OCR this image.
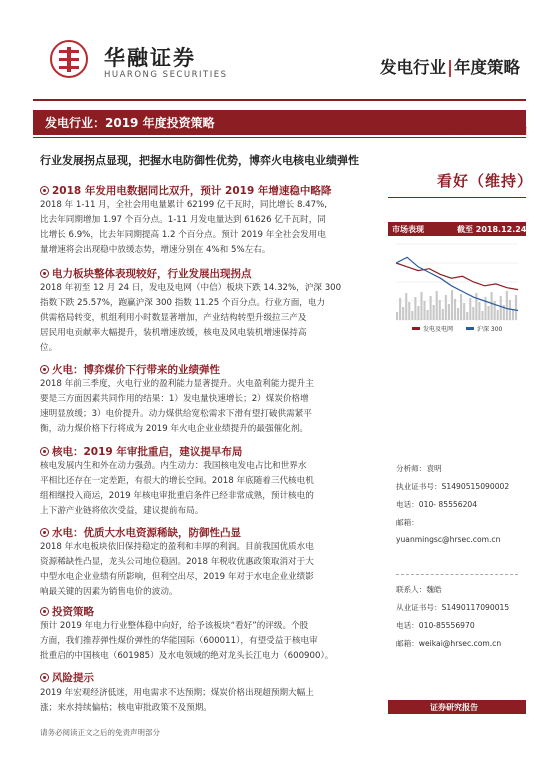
华融证券
HUARONG SECURITIES	发电行业|年度策略
发电行业：2019 年度投资策略
2018 年 12 月 24 日
行业发展拐点显现，把握水电防御性优势，博弈火电核电业绩弹性
2018 年发用电数据同比双升，预计 2019 年增速稳中略降
2018 年 1-11 月，全社会用电量累计 62199 亿千瓦时，同比增长 8.47%,
比去年同期增加 1.97 个百分点。1-11 月发电量达到 61626 亿千瓦时，同
比增长 6.9%，比去年同期提高 1.2 个百分点。预计 2019 年全社会发用电
量增速将会出现稳中放缓态势，增速分别在 4%和 5%左右。
电力板块整体表现较好，行业发展出现拐点
2018 年初至 12 月 24 日，发电及电网（中信）板块下跌 14.32%，沪深 300
指数下跌 25.57%，跑赢沪深 300 指数 11.25 个百分点。行业方面，电力
供需格局转变，机组利用小时数显著增加，产业结构转型升级拉三产及
居民用电贡献率大幅提升，装机增速放缓，核电及风电装机增速保持高
位。
火电：博弈煤价下行带来的业绩弹性
2018 年前三季度，火电行业的盈利能力显著提升。火电盈利能力提升主
要是三方面因素共同作用的结果：1）发电量快速增长；2）煤炭价格增
速明显放缓；3）电价提升。动力煤供给宽松需求下滑有望打破供需紧平
衡，动力煤价格下行将成为 2019 年火电企业业绩提升的最强催化剂。
核电：2019 年审批重启，建议提早布局
核电发展内生和外在动力强劲。内生动力：我国核电发电占比和世界水
平相比还存在一定差距，有很大的增长空间。2018 年底随着三代核电机
组相继投入商运，2019 年核电审批重启条件已经非常成熟，预计核电的
上下游产业链将依次受益，建议提前布局。
水电：优质大水电资源稀缺，防御性凸显
2018 年水电板块依旧保持稳定的盈利和丰厚的利润。目前我国优质水电
资源稀缺性凸显，龙头公司地位稳固。2018 年税收优惠政策取消对于大
中型水电企业业绩有所影响，但利空出尽，2019 年对于水电企业业绩影
响最关键的因素为销售电价的波动。
投资策略
预计 2019 年电力行业整体稳中向好，给予该板块“看好”的评级。个股
方面，我们推荐弹性煤价弹性的华能国际（600011），有望受益于核电审
批重启的中国核电（601985）及水电领域的绝对龙头长江电力（600900）。
风险提示
2019 年宏观经济低迷，用电需求不达预期；煤炭价格出现超预期大幅上
涨；来水持续偏枯；核电审批政策不及预期。
看好（维持）
市场表现	截至 2018.12.24
发电及电网	沪深 300
分析师：袁明
执业证书号：S1490515090002
电话：010- 85556204
邮箱：
yuanmingsc@hrsec.com.cn
联系人：魏皓
从业证书号：S1490117090015
电话：010-85556970
邮箱：weikai@hrsec.com.cn
证券研究报告
请务必阅读正文之后的免责声明部分
